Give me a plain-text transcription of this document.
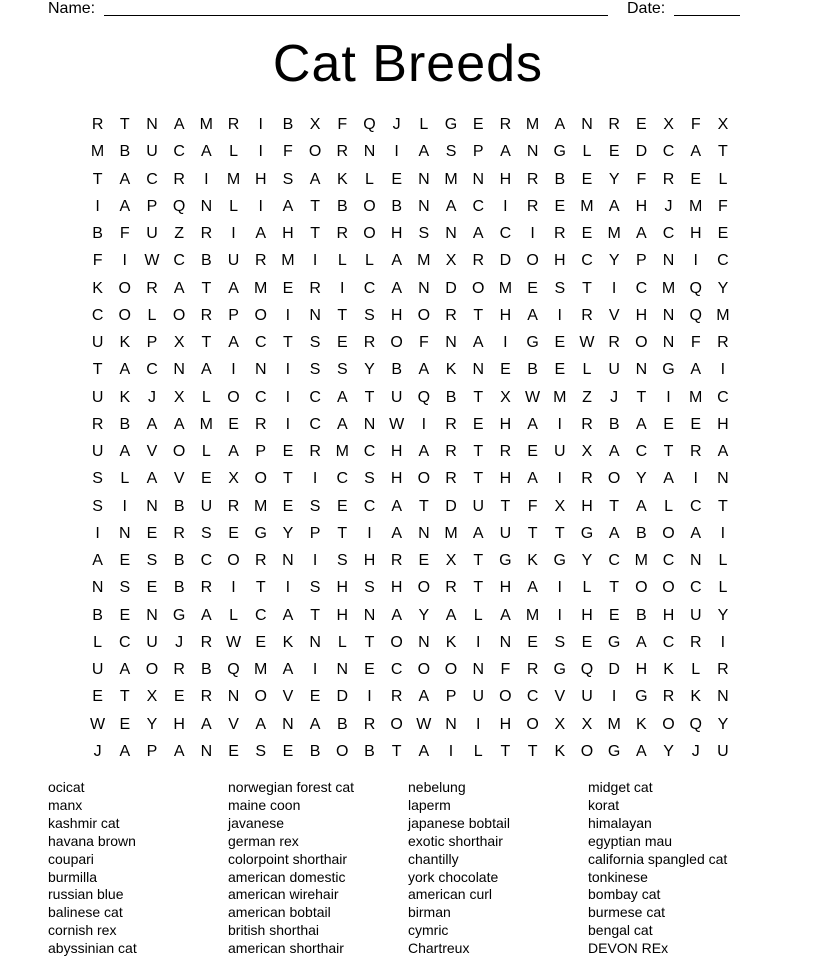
Name:	Date:
Cat Breeds
R	T	N	A M R	I	B	X	F	Q	J	L	G E	R M A	N R	E	X	F	X
M B	U C	A	L	I	F	O R N	I	A	S	P	A	N G	L	E	D C	A	T
T	A	C R	I	M H	S	A	K	L	E	N M N H R	B	E	Y	F	R	E	L
I	A	P Q N	L	I	A	T	B O B	N	A	C	I	R	E M A	H	J	M F
B	F	U	Z	R	I	A	H	T	R O H	S	N	A	C	I	R	E M A	C H	E
F	I	W C	B	U R M	I	L	L	A M X	R D O H C	Y	P	N	I	C
K O R	A	T	A M E	R	I	C	A	N D O M E	S	T	I	C M Q Y
C O	L	O R	P O	I	N	T	S	H O R	T	H	A	I	R	V	H N Q M
U	K	P	X	T	A	C	T	S	E	R O	F	N	A	I	G E W R O N	F	R
T	A	C N	A	I	N	I	S	S	Y	B	A	K	N	E	B	E	L	U N G A	I
U	K	J	X	L	O C	I	C	A	T	U Q B	T	X W M Z	J	T	I	M C
R	B	A	A M E	R	I	C	A	N W	I	R	E	H	A	I	R	B	A	E	E	H
U	A	V O	L	A	P	E	R M C H	A	R	T	R	E	U	X	A	C	T	R	A
S	L	A	V	E	X O	T	I	C	S	H O R	T	H	A	I	R O Y	A	I	N
S	I	N	B	U R M E	S	E	C	A	T	D U	T	F	X	H	T	A	L	C	T
I	N	E	R	S	E G Y	P	T	I	A	N M A	U	T	T	G A	B O A	I
A	E	S	B	C O R N	I	S	H R	E	X	T	G K G Y	C M C N	L
N	S	E	B	R	I	T	I	S	H	S	H O R	T	H	A	I	L	T	O O C	L
B	E	N G A	L	C	A	T	H N	A	Y	A	L	A M	I	H	E	B	H U	Y
L	C U	J	R W E	K	N	L	T	O N	K	I	N	E	S	E G A	C R	I
U	A O R	B Q M A	I	N	E	C O O N	F	R G Q D H	K	L	R
E	T	X	E	R N O V	E	D	I	R	A	P	U O C	V	U	I	G R	K	N
W E	Y	H	A	V	A	N	A	B	R O W N	I	H O X	X M K O Q Y
J	A	P	A	N	E	S	E	B O B	T	A	I	L	T	T	K O G A	Y	J	U
ocicat
manx
kashmir cat
havana brown
coupari
burmilla
russian blue
balinese cat
cornish rex
abyssinian cat
norwegian forest cat
maine coon
javanese
german rex
colorpoint shorthair
american domestic
american wirehair
american bobtail
british shorthai
american shorthair
nebelung
laperm
japanese bobtail
exotic shorthair
chantilly
york chocolate
american curl
birman
cymric
Chartreux
midget cat
korat
himalayan
egyptian mau
california spangled cat
tonkinese
bombay cat
burmese cat
bengal cat
DEVON REx
